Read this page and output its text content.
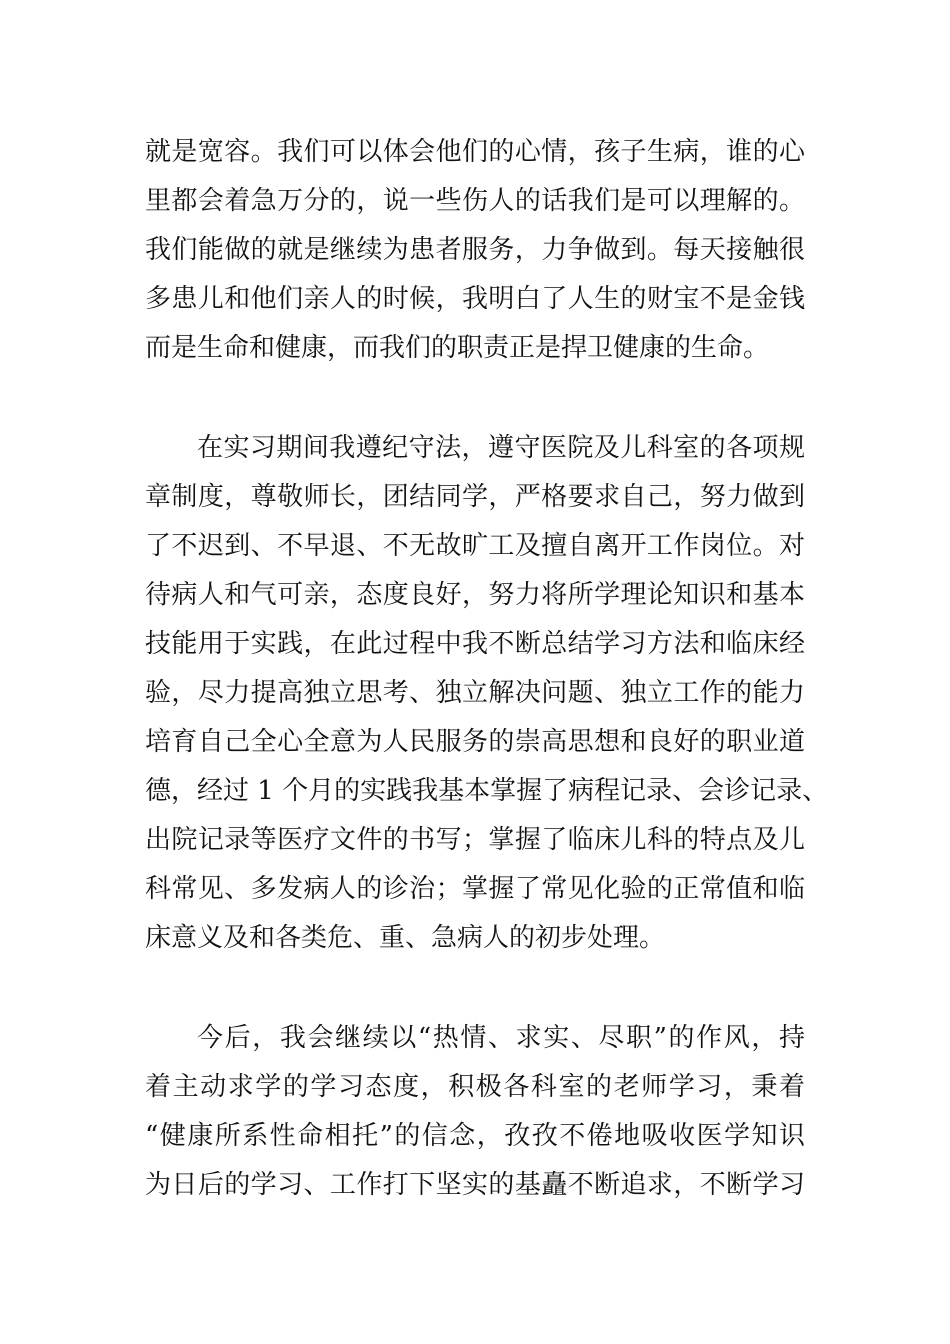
就是宽容。我们可以体会他们的心情，孩子生病，谁的心
里都会着急万分的，说一些伤人的话我们是可以理解的。
我们能做的就是继续为患者服务，力争做到。每天接触很
多患儿和他们亲人的时候，我明白了人生的财宝不是金钱
而是生命和健康，而我们的职责正是捍卫健康的生命。

在实习期间我遵纪守法，遵守医院及儿科室的各项规
章制度，尊敬师长，团结同学，严格要求自己，努力做到
了不迟到、不早退、不无故旷工及擅自离开工作岗位。对
待病人和气可亲，态度良好，努力将所学理论知识和基本
技能用于实践，在此过程中我不断总结学习方法和临床经
验，尽力提高独立思考、独立解决问题、独立工作的能力
培育自己全心全意为人民服务的崇高思想和良好的职业道
德，经过 1 个月的实践我基本掌握了病程记录、会诊记录、
出院记录等医疗文件的书写；掌握了临床儿科的特点及儿
科常见、多发病人的诊治；掌握了常见化验的正常值和临
床意义及和各类危、重、急病人的初步处理。

今后，我会继续以“热情、求实、尽职”的作风，持
着主动求学的学习态度，积极各科室的老师学习，秉着
“健康所系性命相托”的信念，孜孜不倦地吸收医学知识
为日后的学习、工作打下坚实的基矗不断追求，不断学习
